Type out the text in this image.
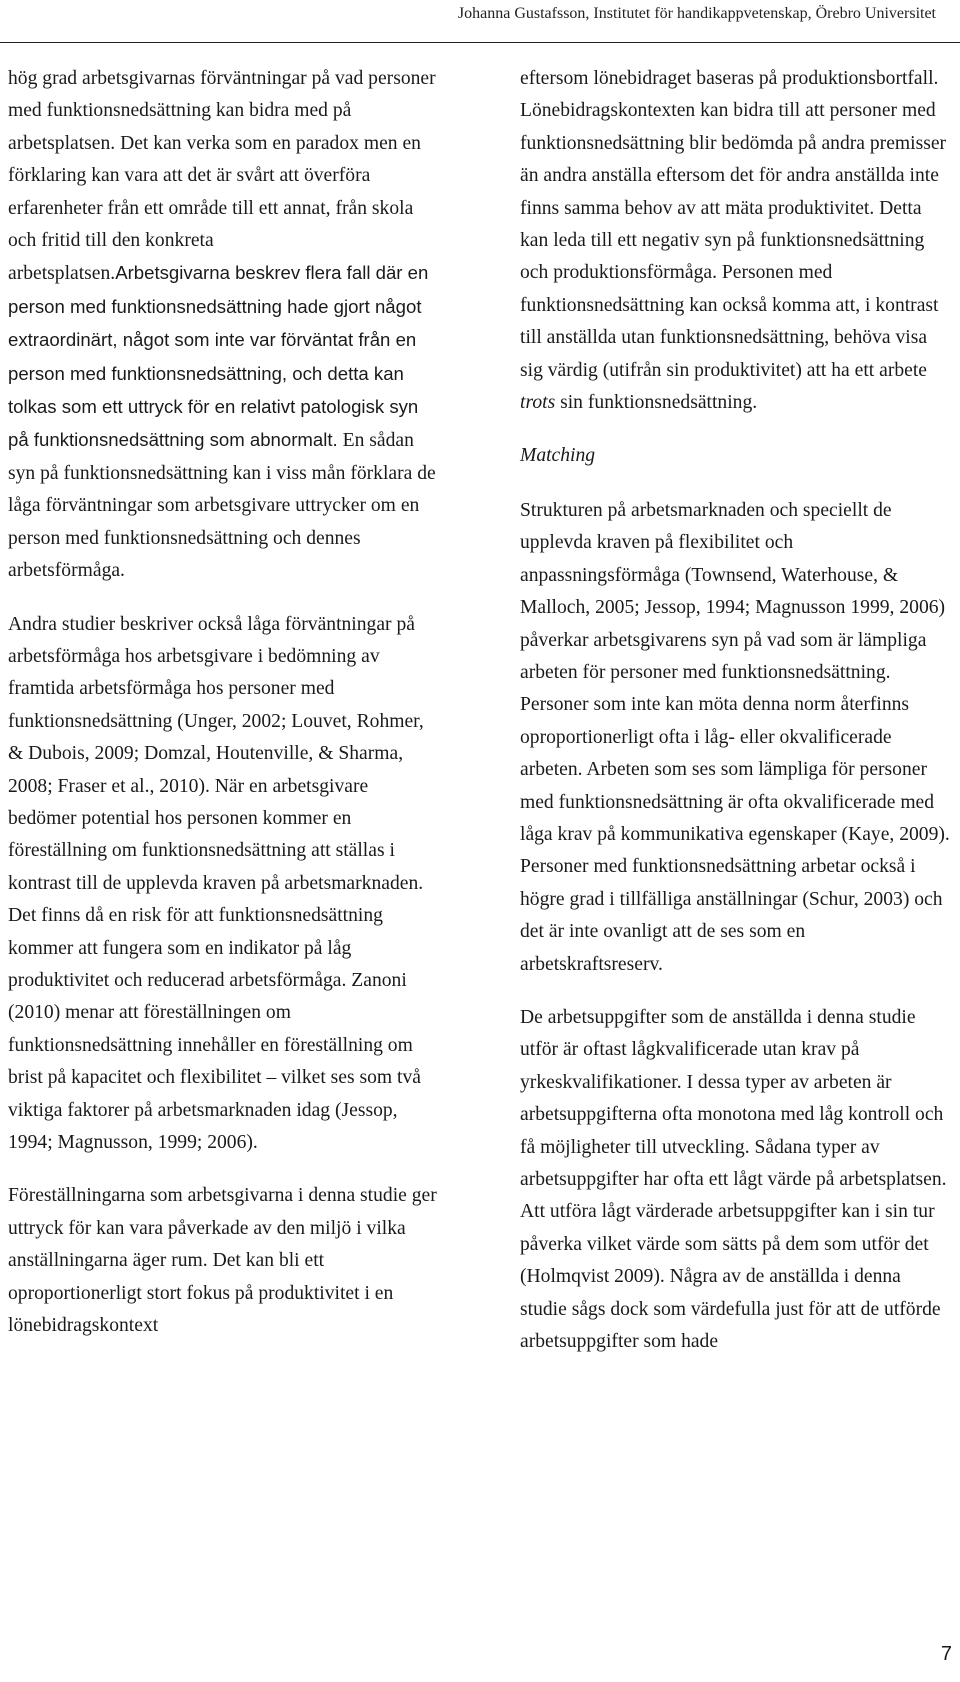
Johanna Gustafsson, Institutet för handikappvetenskap, Örebro Universitet

hög grad arbetsgivarnas förväntningar på vad personer med funktionsnedsättning kan bidra med på arbetsplatsen. Det kan verka som en paradox men en förklaring kan vara att det är svårt att överföra erfarenheter från ett område till ett annat, från skola och fritid till den konkreta arbetsplatsen.Arbetsgivarna beskrev flera fall där en person med funktionsnedsättning hade gjort något extraordinärt, något som inte var förväntat från en person med funktionsnedsättning, och detta kan tolkas som ett uttryck för en relativt patologisk syn på funktionsnedsättning som abnormalt. En sådan syn på funktionsnedsättning kan i viss mån förklara de låga förväntningar som arbetsgivare uttrycker om en person med funktionsnedsättning och dennes arbetsförmåga.

Andra studier beskriver också låga förväntningar på arbetsförmåga hos arbetsgivare i bedömning av framtida arbetsförmåga hos personer med funktionsnedsättning (Unger, 2002; Louvet, Rohmer, & Dubois, 2009; Domzal, Houtenville, & Sharma, 2008; Fraser et al., 2010). När en arbetsgivare bedömer potential hos personen kommer en föreställning om funktionsnedsättning att ställas i kontrast till de upplevda kraven på arbetsmarknaden. Det finns då en risk för att funktionsnedsättning kommer att fungera som en indikator på låg produktivitet och reducerad arbetsförmåga. Zanoni (2010) menar att föreställningen om funktionsnedsättning innehåller en föreställning om brist på kapacitet och flexibilitet – vilket ses som två viktiga faktorer på arbetsmarknaden idag (Jessop, 1994; Magnusson, 1999; 2006).

Föreställningarna som arbetsgivarna i denna studie ger uttryck för kan vara påverkade av den miljö i vilka anställningarna äger rum. Det kan bli ett oproportionerligt stort fokus på produktivitet i en lönebidragskontext

eftersom lönebidraget baseras på produktionsbortfall. Lönebidragskontexten kan bidra till att personer med funktionsnedsättning blir bedömda på andra premisser än andra anställa eftersom det för andra anställda inte finns samma behov av att mäta produktivitet. Detta kan leda till ett negativ syn på funktionsnedsättning och produktionsförmåga. Personen med funktionsnedsättning kan också komma att, i kontrast till anställda utan funktionsnedsättning, behöva visa sig värdig (utifrån sin produktivitet) att ha ett arbete trots sin funktionsnedsättning.

Matching

Strukturen på arbetsmarknaden och speciellt de upplevda kraven på flexibilitet och anpassningsförmåga (Townsend, Waterhouse, & Malloch, 2005; Jessop, 1994; Magnusson 1999, 2006) påverkar arbetsgivarens syn på vad som är lämpliga arbeten för personer med funktionsnedsättning. Personer som inte kan möta denna norm återfinns oproportionerligt ofta i låg- eller okvalificerade arbeten. Arbeten som ses som lämpliga för personer med funktionsnedsättning är ofta okvalificerade med låga krav på kommunikativa egenskaper (Kaye, 2009). Personer med funktionsnedsättning arbetar också i högre grad i tillfälliga anställningar (Schur, 2003) och det är inte ovanligt att de ses som en arbetskraftsreserv.

De arbetsuppgifter som de anställda i denna studie utför är oftast lågkvalificerade utan krav på yrkeskvalifikationer. I dessa typer av arbeten är arbetsuppgifterna ofta monotona med låg kontroll och få möjligheter till utveckling. Sådana typer av arbetsuppgifter har ofta ett lågt värde på arbetsplatsen. Att utföra lågt värderade arbetsuppgifter kan i sin tur påverka vilket värde som sätts på dem som utför det (Holmqvist 2009). Några av de anställda i denna studie sågs dock som värdefulla just för att de utförde arbetsuppgifter som hade

7
